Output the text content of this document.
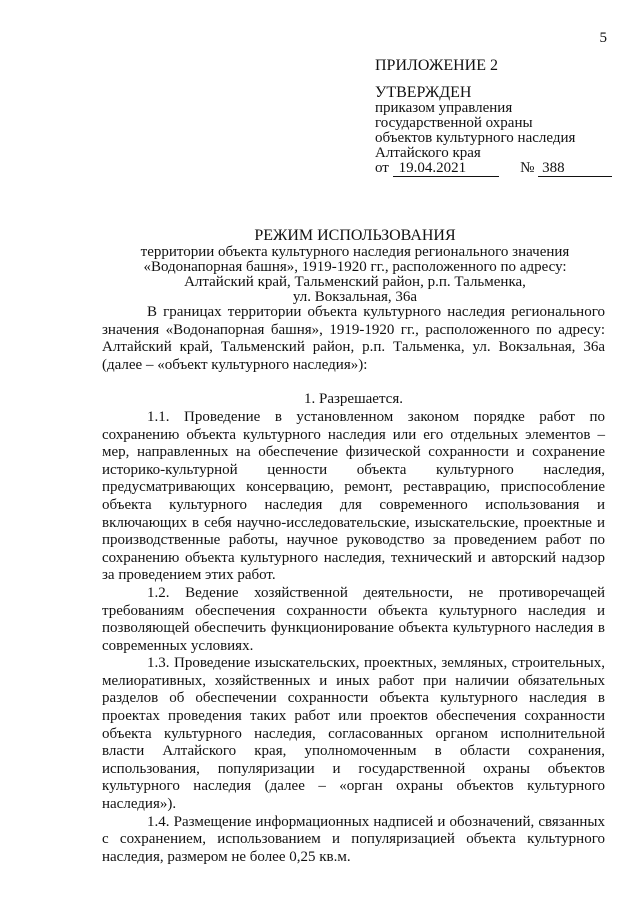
5
ПРИЛОЖЕНИЕ 2
УТВЕРЖДЕН
приказом управления
государственной охраны
объектов культурного наследия
Алтайского края
от 19.04.2021	№ 388
РЕЖИМ ИСПОЛЬЗОВАНИЯ
территории объекта культурного наследия регионального значения
«Водонапорная башня», 1919-1920 гг., расположенного по адресу:
Алтайский край, Тальменский район, р.п. Тальменка,
ул. Вокзальная, 36а

В границах территории объекта культурного наследия регионального значения «Водонапорная башня», 1919-1920 гг., расположенного по адресу: Алтайский край, Тальменский район, р.п. Тальменка, ул. Вокзальная, 36а (далее – «объект культурного наследия»):

1. Разрешается.

1.1. Проведение в установленном законом порядке работ по сохранению объекта культурного наследия или его отдельных элементов – мер, направленных на обеспечение физической сохранности и сохранение историко-культурной ценности объекта культурного наследия, предусматривающих консервацию, ремонт, реставрацию, приспособление объекта культурного наследия для современного использования и включающих в себя научно-исследовательские, изыскательские, проектные и производственные работы, научное руководство за проведением работ по сохранению объекта культурного наследия, технический и авторский надзор за проведением этих работ.

1.2. Ведение хозяйственной деятельности, не противоречащей требованиям обеспечения сохранности объекта культурного наследия и позволяющей обеспечить функционирование объекта культурного наследия в современных условиях.

1.3. Проведение изыскательских, проектных, земляных, строительных, мелиоративных, хозяйственных и иных работ при наличии обязательных разделов об обеспечении сохранности объекта культурного наследия в проектах проведения таких работ или проектов обеспечения сохранности объекта культурного наследия, согласованных органом исполнительной власти Алтайского края, уполномоченным в области сохранения, использования, популяризации и государственной охраны объектов культурного наследия (далее – «орган охраны объектов культурного наследия»).

1.4. Размещение информационных надписей и обозначений, связанных с сохранением, использованием и популяризацией объекта культурного наследия, размером не более 0,25 кв.м.
